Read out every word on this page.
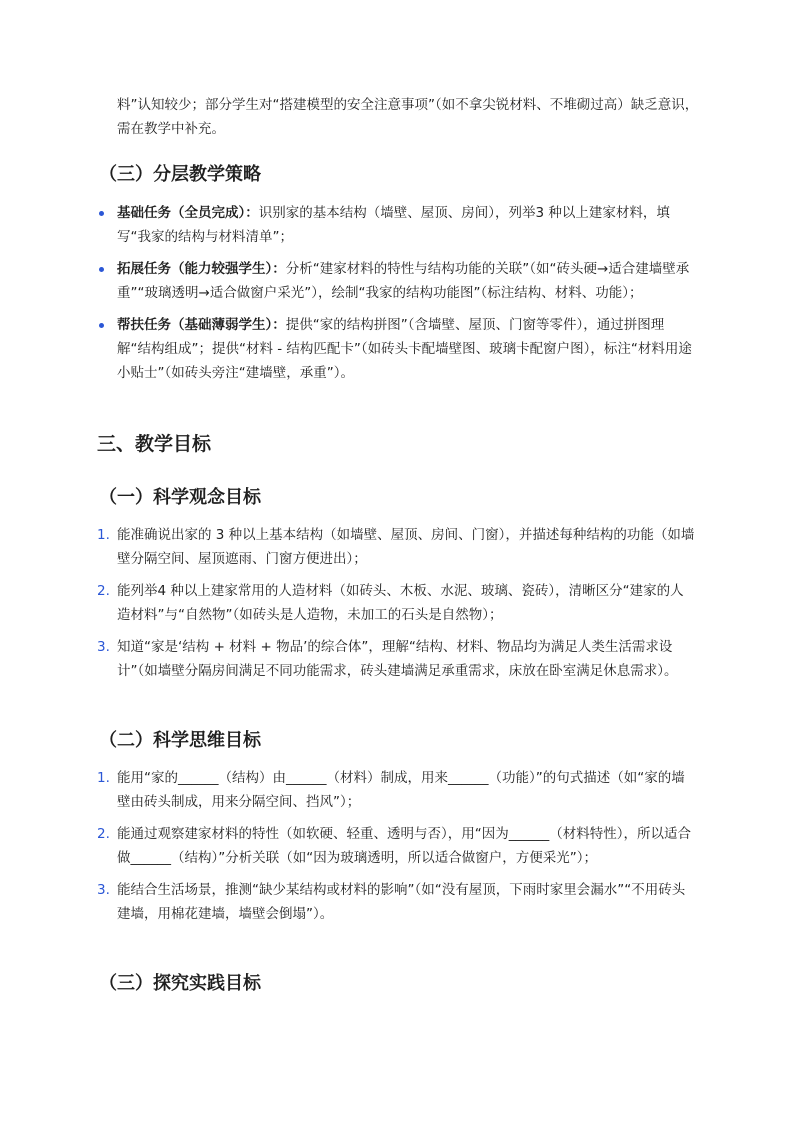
料”认知较少；部分学生对“搭建模型的安全注意事项”（如不拿尖锐材料、不堆砌过高）缺乏意识，需在教学中补充。
（三）分层教学策略
基础任务（全员完成）：识别家的基本结构（墙壁、屋顶、房间），列举3 种以上建家材料，填写“我家的结构与材料清单”；
拓展任务（能力较强学生）：分析“建家材料的特性与结构功能的关联”（如“砖头硬→适合建墙壁承重”“玻璃透明→适合做窗户采光”），绘制“我家的结构功能图”（标注结构、材料、功能）；
帮扶任务（基础薄弱学生）：提供“家的结构拼图”（含墙壁、屋顶、门窗等零件），通过拼图理解“结构组成”；提供“材料 - 结构匹配卡”（如砖头卡配墙壁图、玻璃卡配窗户图），标注“材料用途小贴士”（如砖头旁注“建墙壁，承重”）。
三、教学目标
（一）科学观念目标
1. 能准确说出家的 3 种以上基本结构（如墙壁、屋顶、房间、门窗），并描述每种结构的功能（如墙壁分隔空间、屋顶遮雨、门窗方便进出）；
2. 能列举4 种以上建家常用的人造材料（如砖头、木板、水泥、玻璃、瓷砖），清晰区分“建家的人造材料”与“自然物”（如砖头是人造物，未加工的石头是自然物）；
3. 知道“家是‘结构 + 材料 + 物品’的综合体”，理解“结构、材料、物品均为满足人类生活需求设计”（如墙壁分隔房间满足不同功能需求，砖头建墙满足承重需求，床放在卧室满足休息需求）。
（二）科学思维目标
1. 能用“家的______（结构）由______（材料）制成，用来______（功能）”的句式描述（如“家的墙壁由砖头制成，用来分隔空间、挡风”）；
2. 能通过观察建家材料的特性（如软硬、轻重、透明与否），用“因为______（材料特性），所以适合做______（结构）”分析关联（如“因为玻璃透明，所以适合做窗户，方便采光”）；
3. 能结合生活场景，推测“缺少某结构或材料的影响”（如“没有屋顶，下雨时家里会漏水”“不用砖头建墙，用棉花建墙，墙壁会倒塌”）。
（三）探究实践目标
